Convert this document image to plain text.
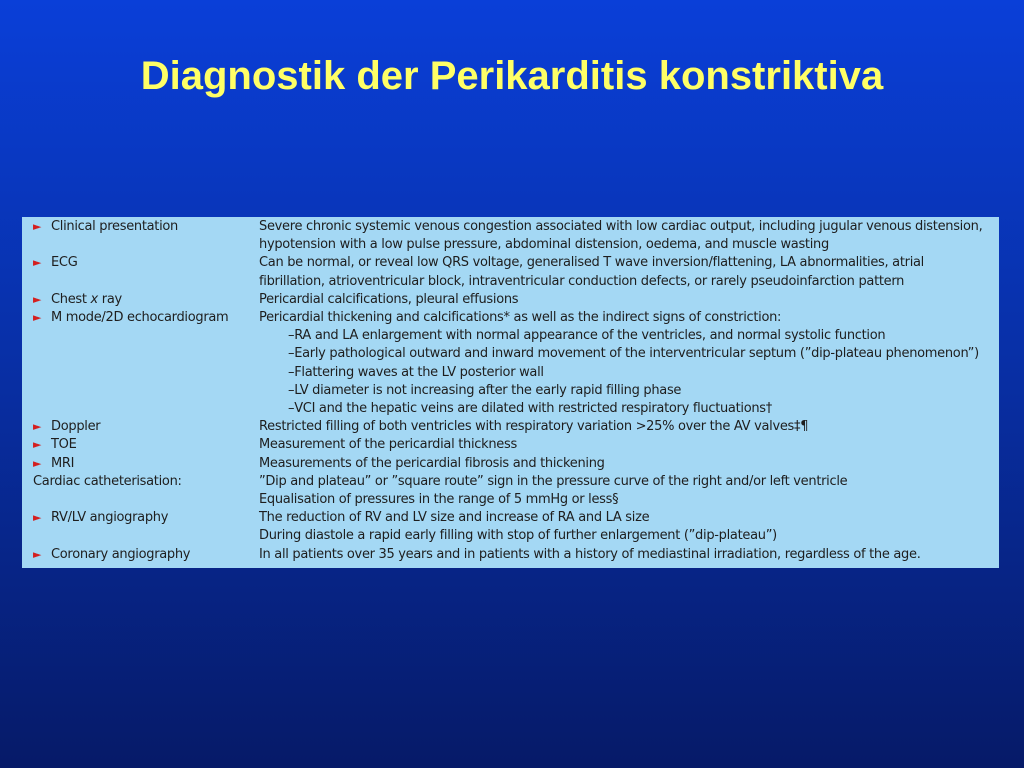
Diagnostik der Perikarditis konstriktiva
► Clinical presentation	Severe chronic systemic venous congestion associated with low cardiac output, including jugular venous distension,
hypotension with a low pulse pressure, abdominal distension, oedema, and muscle wasting
► ECG	Can be normal, or reveal low QRS voltage, generalised T wave inversion/flattening, LA abnormalities, atrial
fibrillation, atrioventricular block, intraventricular conduction defects, or rarely pseudoinfarction pattern
► Chest x ray	Pericardial calcifications, pleural effusions
► M mode/2D echocardiogram	Pericardial thickening and calcifications* as well as the indirect signs of constriction:
–RA and LA enlargement with normal appearance of the ventricles, and normal systolic function
–Early pathological outward and inward movement of the interventricular septum (”dip-plateau phenomenon”)
–Flattering waves at the LV posterior wall
–LV diameter is not increasing after the early rapid filling phase
–VCI and the hepatic veins are dilated with restricted respiratory fluctuations†
► Doppler	Restricted filling of both ventricles with respiratory variation >25% over the AV valves‡¶
► TOE	Measurement of the pericardial thickness
► MRI	Measurements of the pericardial fibrosis and thickening
Cardiac catheterisation:	”Dip and plateau” or ”square route” sign in the pressure curve of the right and/or left ventricle
Equalisation of pressures in the range of 5 mmHg or less§
► RV/LV angiography	The reduction of RV and LV size and increase of RA and LA size
During diastole a rapid early filling with stop of further enlargement (”dip-plateau”)
► Coronary angiography	In all patients over 35 years and in patients with a history of mediastinal irradiation, regardless of the age.
